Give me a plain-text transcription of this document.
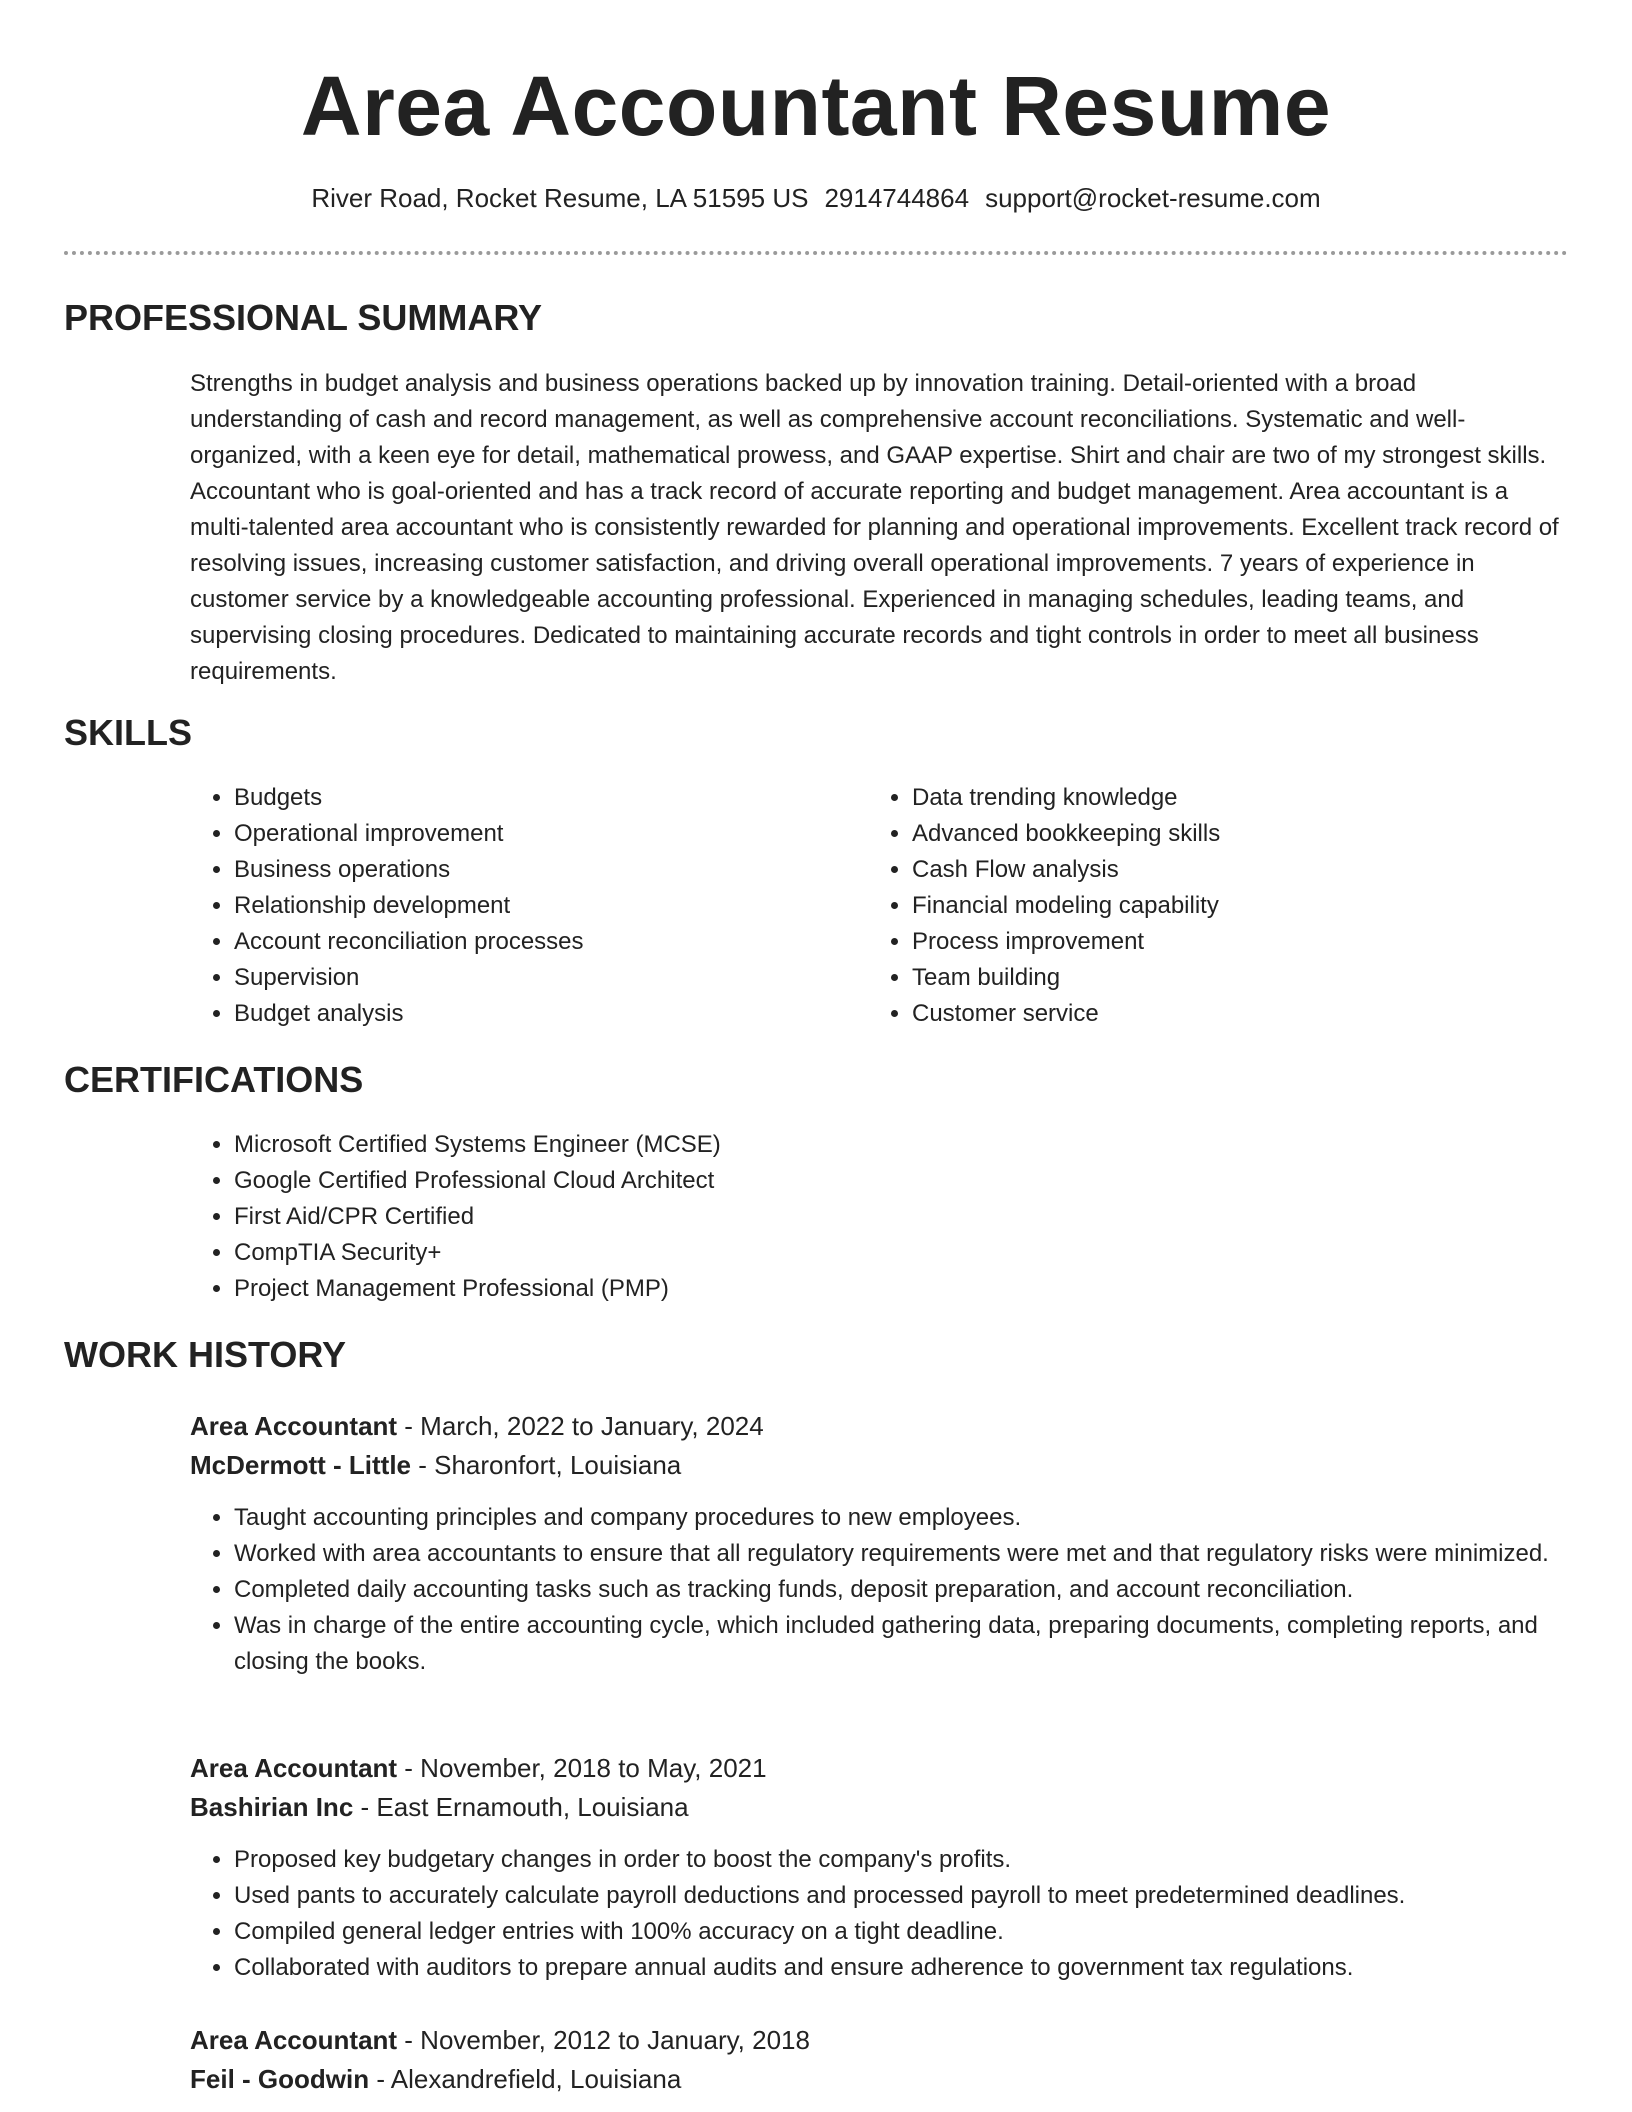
Area Accountant Resume
River Road, Rocket Resume, LA 51595 US 2914744864 support@rocket-resume.com
PROFESSIONAL SUMMARY

Strengths in budget analysis and business operations backed up by innovation training. Detail-oriented with a broad understanding of cash and record management, as well as comprehensive account reconciliations. Systematic and well-organized, with a keen eye for detail, mathematical prowess, and GAAP expertise. Shirt and chair are two of my strongest skills. Accountant who is goal-oriented and has a track record of accurate reporting and budget management. Area accountant is a multi-talented area accountant who is consistently rewarded for planning and operational improvements. Excellent track record of resolving issues, increasing customer satisfaction, and driving overall operational improvements. 7 years of experience in customer service by a knowledgeable accounting professional. Experienced in managing schedules, leading teams, and supervising closing procedures. Dedicated to maintaining accurate records and tight controls in order to meet all business requirements.

SKILLS
• Budgets
• Operational improvement
• Business operations
• Relationship development
• Account reconciliation processes
• Supervision
• Budget analysis
• Data trending knowledge
• Advanced bookkeeping skills
• Cash Flow analysis
• Financial modeling capability
• Process improvement
• Team building
• Customer service
CERTIFICATIONS
• Microsoft Certified Systems Engineer (MCSE)
• Google Certified Professional Cloud Architect
• First Aid/CPR Certified
• CompTIA Security+
• Project Management Professional (PMP)
WORK HISTORY
Area Accountant - March, 2022 to January, 2024
McDermott - Little - Sharonfort, Louisiana
• Taught accounting principles and company procedures to new employees.
• Worked with area accountants to ensure that all regulatory requirements were met and that regulatory risks were minimized.
• Completed daily accounting tasks such as tracking funds, deposit preparation, and account reconciliation.
• Was in charge of the entire accounting cycle, which included gathering data, preparing documents, completing reports, and closing the books.
Area Accountant - November, 2018 to May, 2021
Bashirian Inc - East Ernamouth, Louisiana
• Proposed key budgetary changes in order to boost the company's profits.
• Used pants to accurately calculate payroll deductions and processed payroll to meet predetermined deadlines.
• Compiled general ledger entries with 100% accuracy on a tight deadline.
• Collaborated with auditors to prepare annual audits and ensure adherence to government tax regulations.
Area Accountant - November, 2012 to January, 2018
Feil - Goodwin - Alexandrefield, Louisiana
